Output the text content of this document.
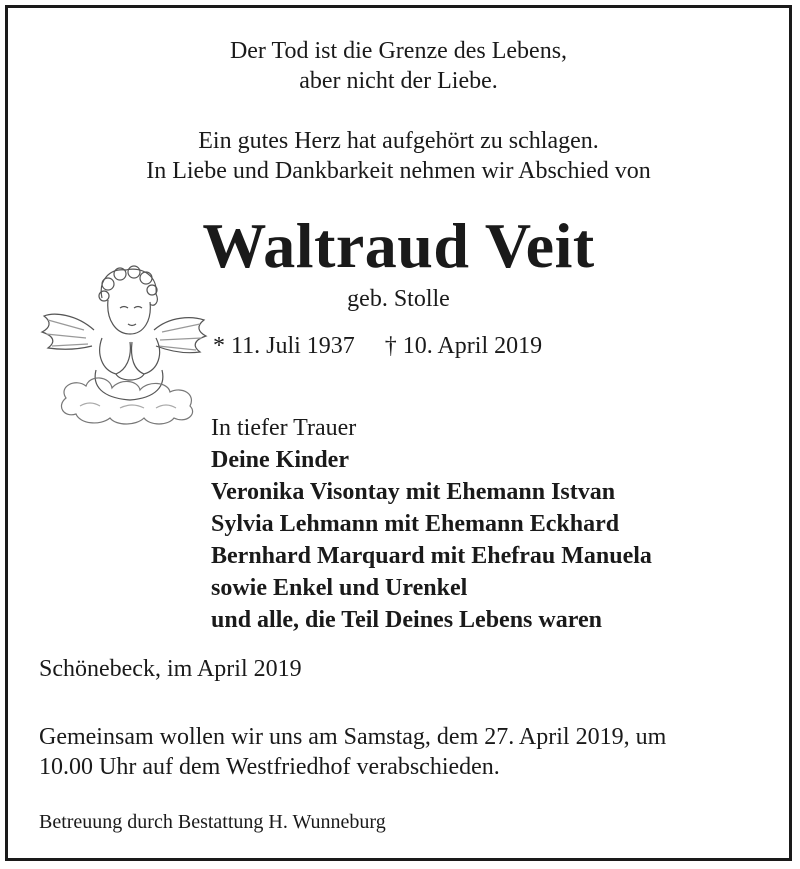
Der Tod ist die Grenze des Lebens,
aber nicht der Liebe.
Ein gutes Herz hat aufgehört zu schlagen.
In Liebe und Dankbarkeit nehmen wir Abschied von
Waltraud Veit
geb. Stolle
* 11. Juli 1937 † 10. April 2019
In tiefer Trauer
Deine Kinder
Veronika Visontay mit Ehemann Istvan
Sylvia Lehmann mit Ehemann Eckhard
Bernhard Marquard mit Ehefrau Manuela
sowie Enkel und Urenkel
und alle, die Teil Deines Lebens waren
Schönebeck, im April 2019
Gemeinsam wollen wir uns am Samstag, dem 27. April 2019, um
10.00 Uhr auf dem Westfriedhof verabschieden.
Betreuung durch Bestattung H. Wunneburg
